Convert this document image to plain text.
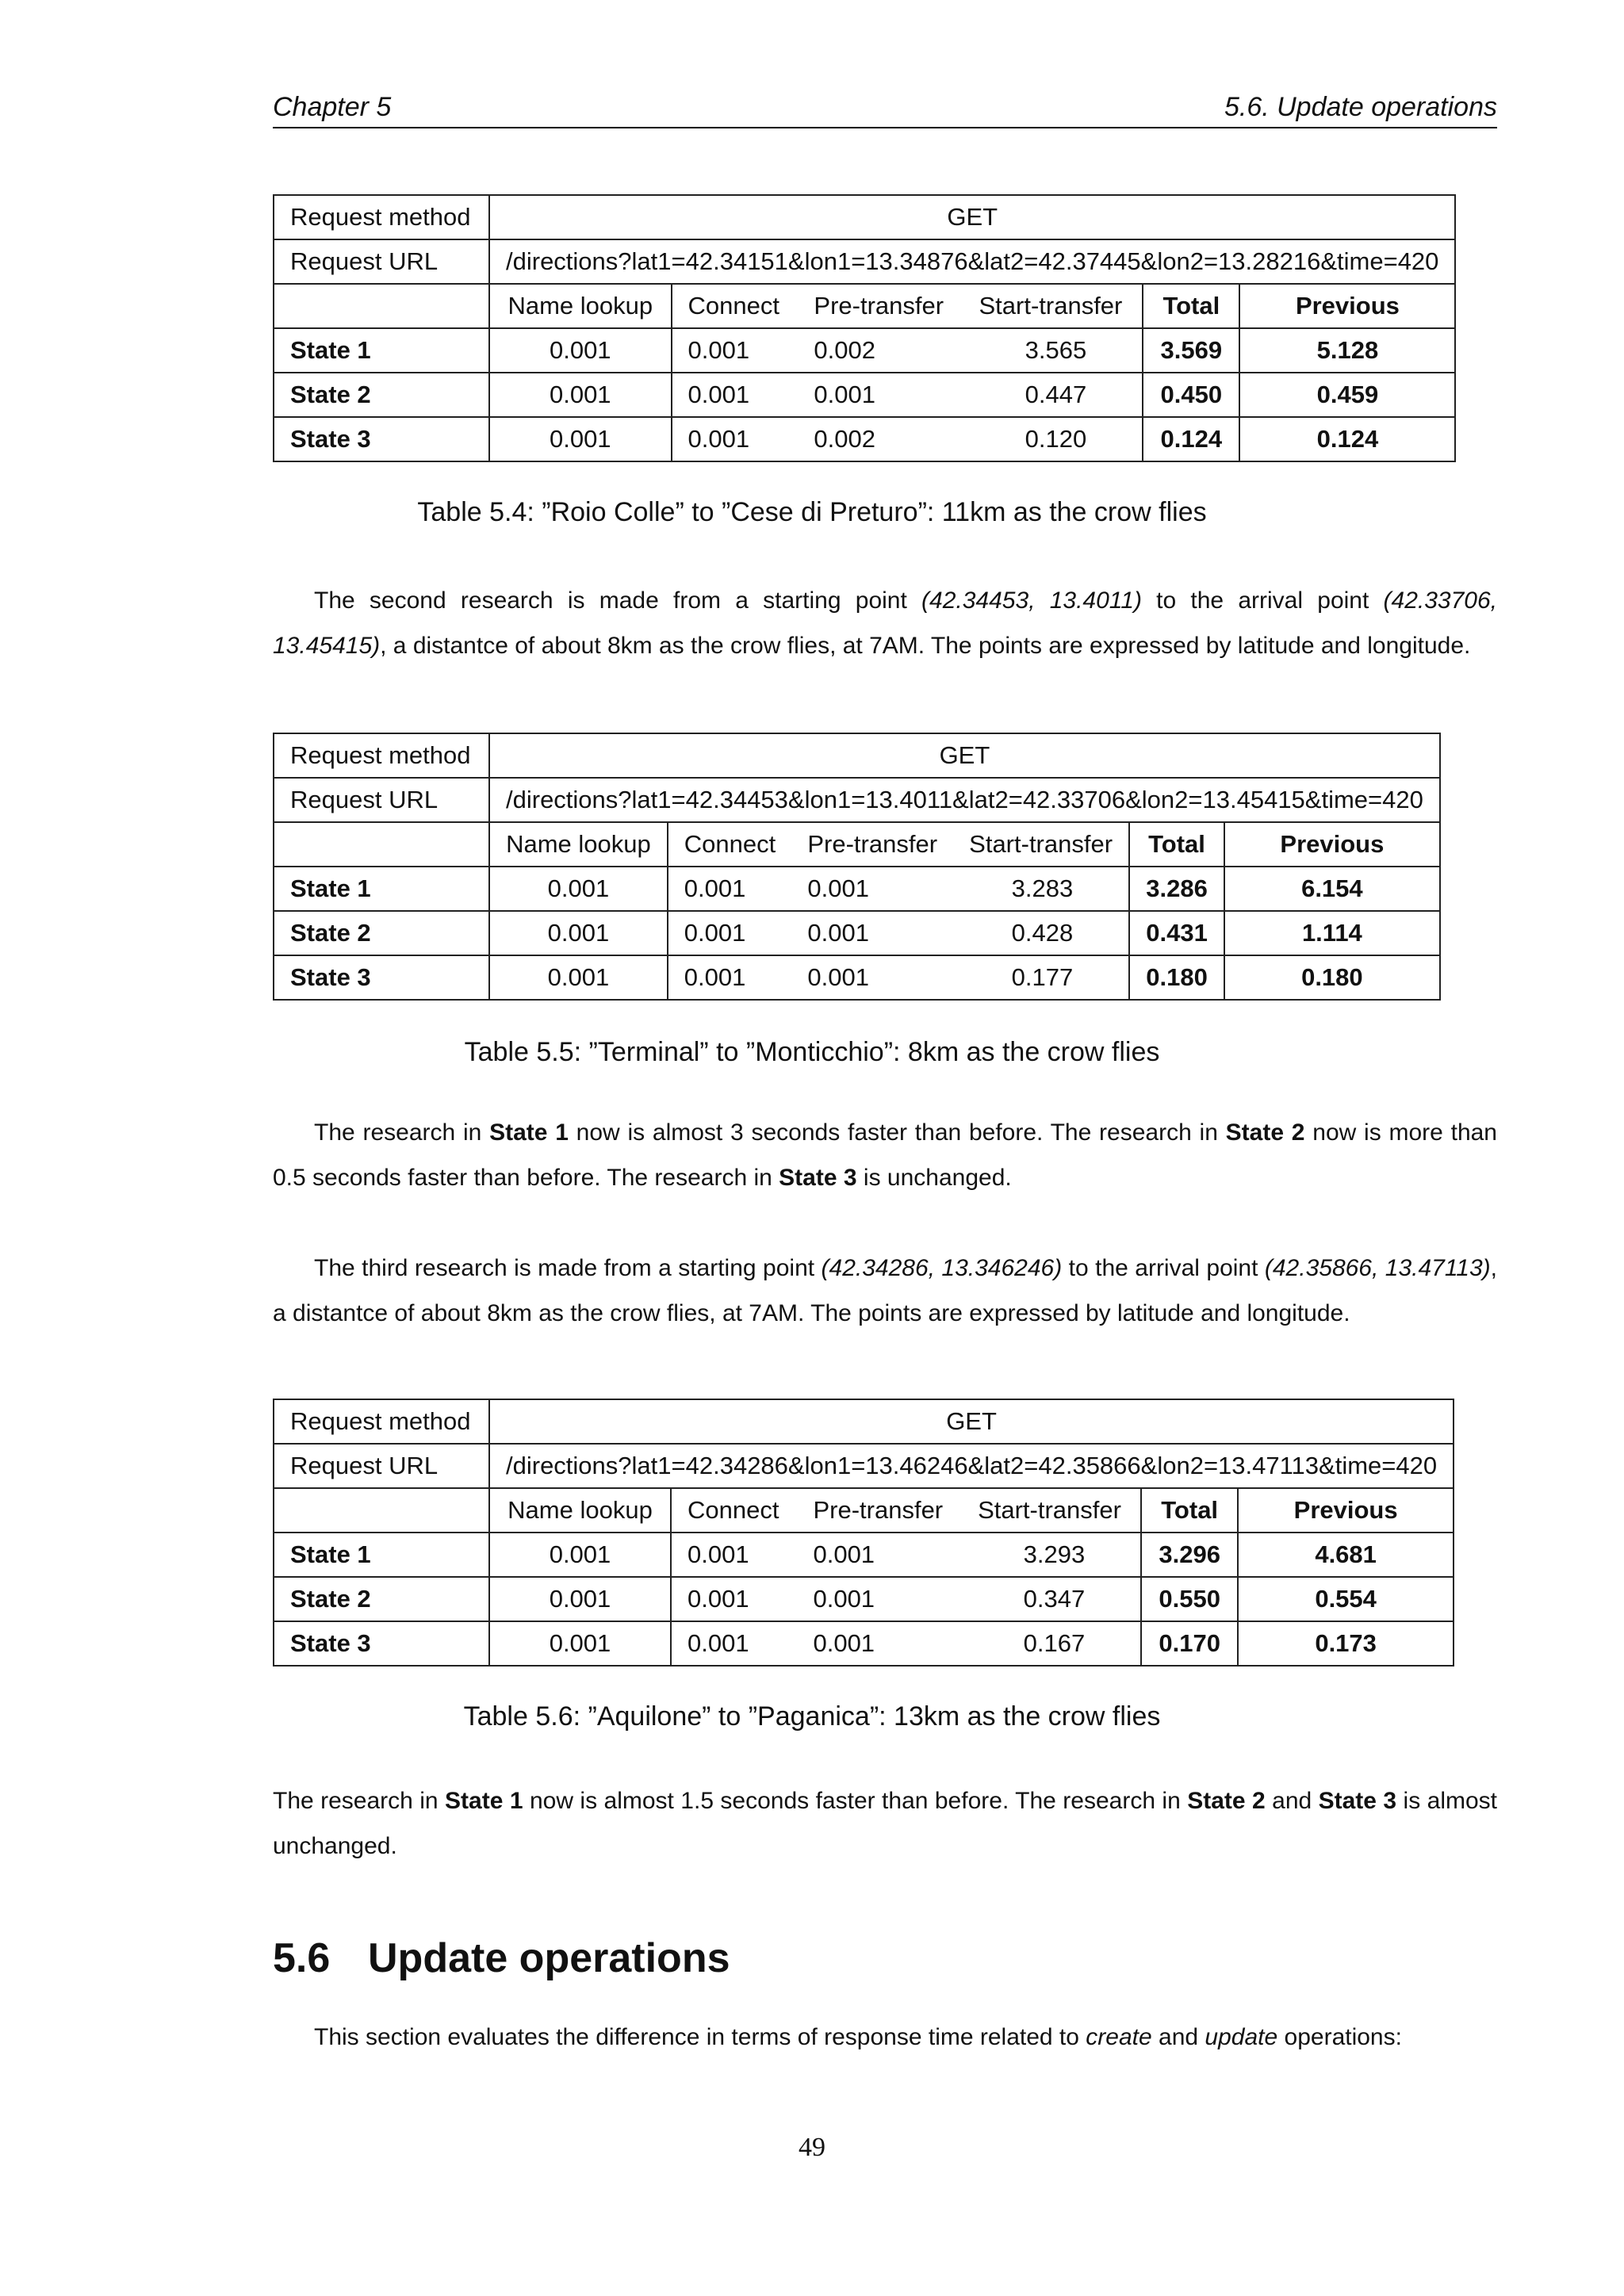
Chapter 5	5.6. Update operations
Request method	GET					
Request URL	/directions?lat1=42.34151&lon1=13.34876&lat2=42.37445&lon2=13.28216&time=420					
	Name lookup	Connect	Pre-transfer	Start-transfer	Total	Previous
State 1	0.001	0.001	0.002	3.565	3.569	5.128
State 2	0.001	0.001	0.001	0.447	0.450	0.459
State 3	0.001	0.001	0.002	0.120	0.124	0.124
Table 5.4: ”Roio Colle” to ”Cese di Preturo”: 11km as the crow flies

The second research is made from a starting point (42.34453, 13.4011) to the arrival point (42.33706, 13.45415), a distantce of about 8km as the crow flies, at 7AM. The points are expressed by latitude and longitude.

Request method	GET					
Request URL	/directions?lat1=42.34453&lon1=13.4011&lat2=42.33706&lon2=13.45415&time=420					
	Name lookup	Connect	Pre-transfer	Start-transfer	Total	Previous
State 1	0.001	0.001	0.001	3.283	3.286	6.154
State 2	0.001	0.001	0.001	0.428	0.431	1.114
State 3	0.001	0.001	0.001	0.177	0.180	0.180
Table 5.5: ”Terminal” to ”Monticchio”: 8km as the crow flies

The research in State 1 now is almost 3 seconds faster than before. The research in State 2 now is more than 0.5 seconds faster than before. The research in State 3 is unchanged.

The third research is made from a starting point (42.34286, 13.346246) to the arrival point (42.35866, 13.47113), a distantce of about 8km as the crow flies, at 7AM. The points are expressed by latitude and longitude.

Request method	GET					
Request URL	/directions?lat1=42.34286&lon1=13.46246&lat2=42.35866&lon2=13.47113&time=420					
	Name lookup	Connect	Pre-transfer	Start-transfer	Total	Previous
State 1	0.001	0.001	0.001	3.293	3.296	4.681
State 2	0.001	0.001	0.001	0.347	0.550	0.554
State 3	0.001	0.001	0.001	0.167	0.170	0.173
Table 5.6: ”Aquilone” to ”Paganica”: 13km as the crow flies

The research in State 1 now is almost 1.5 seconds faster than before. The research in State 2 and State 3 is almost unchanged.

5.6 Update operations

This section evaluates the difference in terms of response time related to create and update operations:

49
